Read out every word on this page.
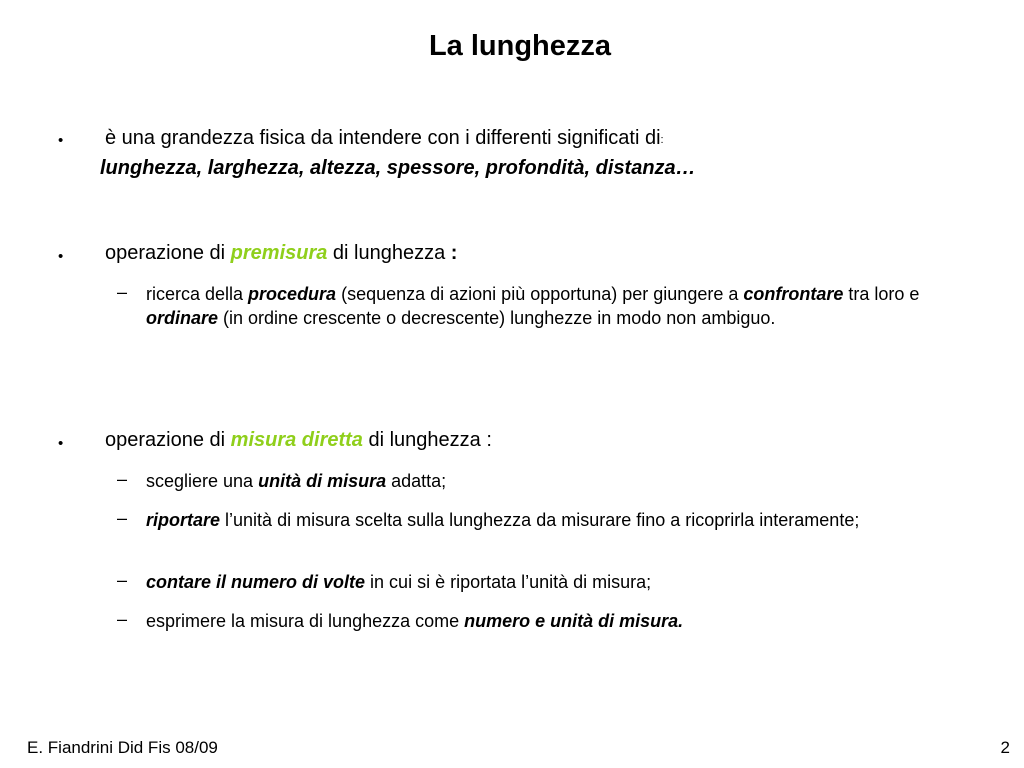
La lunghezza
• è una grandezza fisica da intendere con i differenti significati di:
lunghezza, larghezza, altezza, spessore, profondità, distanza…
• operazione di premisura di lunghezza :
– ricerca della procedura (sequenza di azioni più opportuna) per giungere a confrontare tra loro e ordinare (in ordine crescente o decrescente) lunghezze in modo non ambiguo.
• operazione di misura diretta di lunghezza :
– scegliere una unità di misura adatta;
– riportare l’unità di misura scelta sulla lunghezza da misurare fino a ricoprirla interamente;
– contare il numero di volte in cui si è riportata l’unità di misura;
– esprimere la misura di lunghezza come numero e unità di misura.
E. Fiandrini Did Fis 08/09	2
